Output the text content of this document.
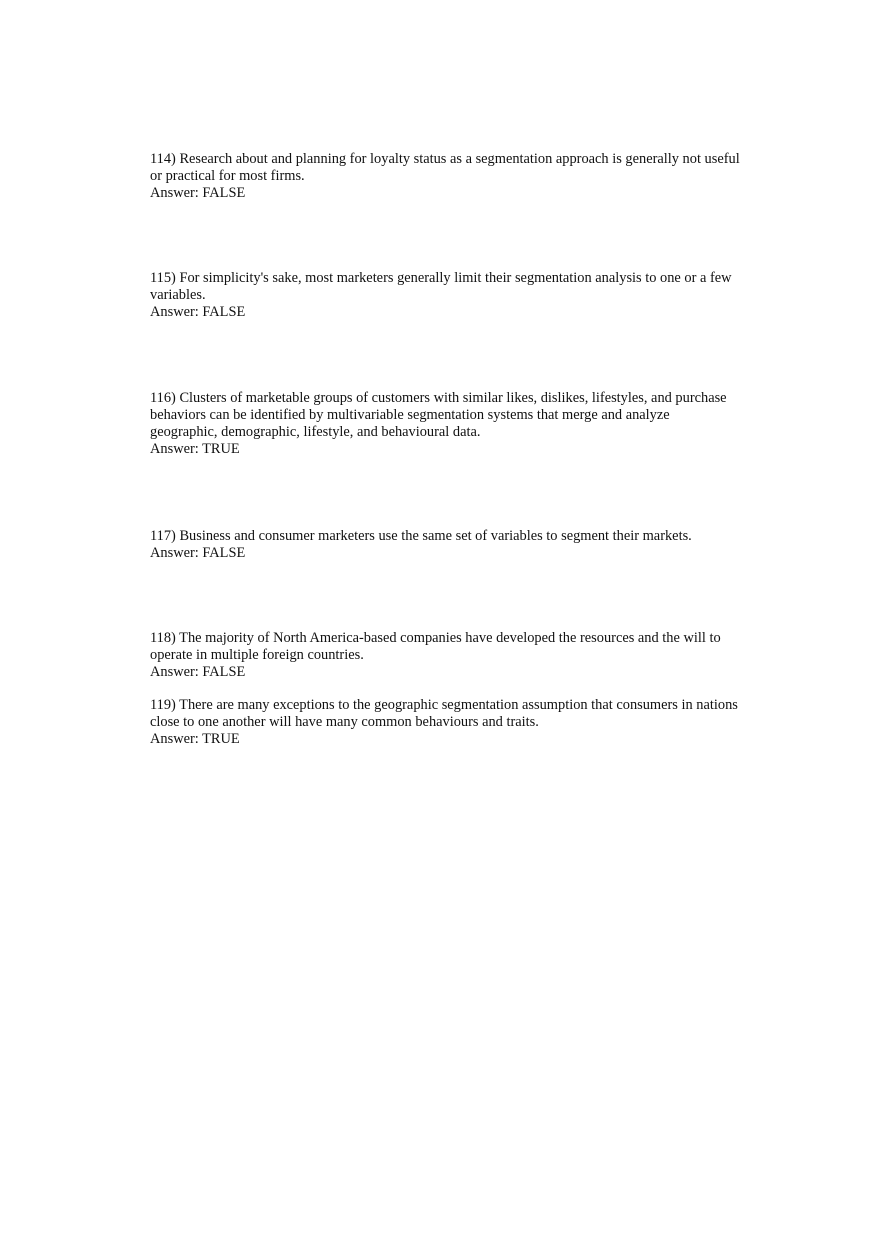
114) Research about and planning for loyalty status as a segmentation approach is generally not useful or practical for most firms.

Answer: FALSE

115) For simplicity's sake, most marketers generally limit their segmentation analysis to one or a few variables.

Answer: FALSE

116) Clusters of marketable groups of customers with similar likes, dislikes, lifestyles, and purchase behaviors can be identified by multivariable segmentation systems that merge and analyze geographic, demographic, lifestyle, and behavioural data.

Answer: TRUE

117) Business and consumer marketers use the same set of variables to segment their markets.

Answer: FALSE

118) The majority of North America-based companies have developed the resources and the will to operate in multiple foreign countries.

Answer: FALSE

119) There are many exceptions to the geographic segmentation assumption that consumers in nations close to one another will have many common behaviours and traits.

Answer: TRUE
